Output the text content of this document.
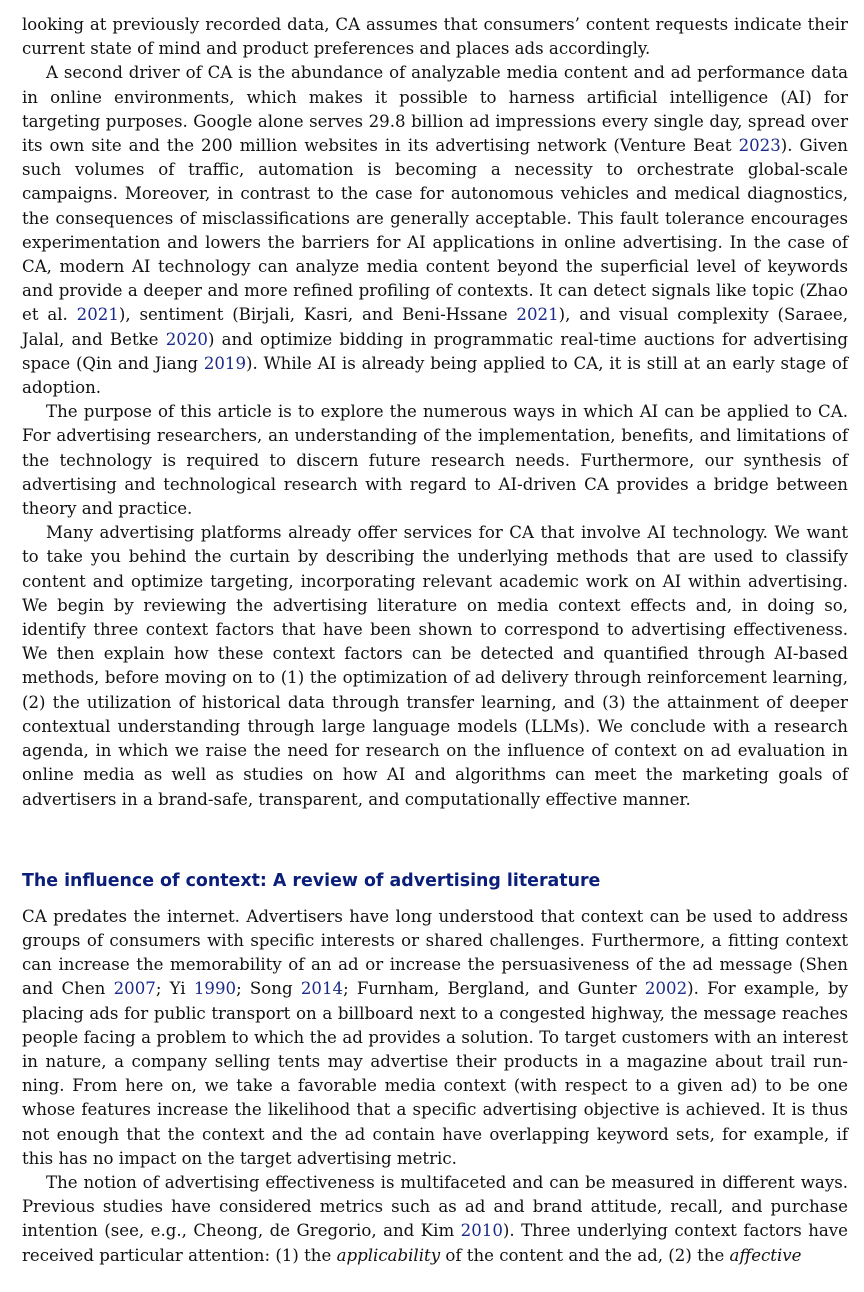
looking at previously recorded data, CA assumes that consumers’ content requests indicate their current state of mind and product preferences and places ads accordingly.

A second driver of CA is the abundance of analyzable media content and ad performance data in online environments, which makes it possible to harness artificial intelligence (AI) for targeting purposes. Google alone serves 29.8 billion ad impressions every single day, spread over its own site and the 200 million websites in its advertising network (Venture Beat 2023). Given such volumes of traffic, automation is becoming a necessity to orchestrate global-scale campaigns. Moreover, in contrast to the case for autonomous vehicles and medical diagnostics, the consequences of misclassifications are generally acceptable. This fault tolerance encourages experimentation and lowers the barriers for AI applications in online advertising. In the case of CA, modern AI technology can analyze media content beyond the superficial level of keywords and provide a deeper and more refined profiling of contexts. It can detect signals like topic (Zhao et al. 2021), sentiment (Birjali, Kasri, and Beni-Hssane 2021), and visual complexity (Saraee, Jalal, and Betke 2020) and optimize bidding in programmatic real-time auctions for advertising space (Qin and Jiang 2019). While AI is already being applied to CA, it is still at an early stage of adoption.

The purpose of this article is to explore the numerous ways in which AI can be applied to CA. For advertising researchers, an understanding of the implementation, benefits, and limitations of the technology is required to discern future research needs. Furthermore, our synthesis of advertising and technological research with regard to AI-driven CA provides a bridge between theory and practice.

Many advertising platforms already offer services for CA that involve AI technology. We want to take you behind the curtain by describing the underlying methods that are used to classify content and optimize targeting, incorporating relevant academic work on AI within advertising. We begin by reviewing the advertising literature on media context effects and, in doing so, identify three context factors that have been shown to correspond to advertising effectiveness. We then explain how these context factors can be detected and quantified through AI-based methods, before moving on to (1) the optimization of ad delivery through reinforcement learning, (2) the utilization of historical data through transfer learning, and (3) the attainment of deeper contextual understanding through large language models (LLMs). We conclude with a research agenda, in which we raise the need for research on the influence of context on ad evaluation in online media as well as studies on how AI and algorithms can meet the marketing goals of advertisers in a brand-safe, transparent, and computationally effective manner.

The influence of context: A review of advertising literature

CA predates the internet. Advertisers have long understood that context can be used to address groups of consumers with specific interests or shared challenges. Furthermore, a fitting context can increase the memorability of an ad or increase the persuasiveness of the ad message (Shen and Chen 2007; Yi 1990; Song 2014; Furnham, Bergland, and Gunter 2002). For example, by placing ads for public transport on a billboard next to a congested highway, the message reaches people facing a problem to which the ad provides a solution. To target customers with an interest in nature, a company selling tents may advertise their products in a magazine about trail running. From here on, we take a favorable media context (with respect to a given ad) to be one whose features increase the likelihood that a specific advertising objective is achieved. It is thus not enough that the context and the ad contain have overlapping keyword sets, for example, if this has no impact on the target advertising metric.

The notion of advertising effectiveness is multifaceted and can be measured in different ways. Previous studies have considered metrics such as ad and brand attitude, recall, and purchase intention (see, e.g., Cheong, de Gregorio, and Kim 2010). Three underlying context factors have received particular attention: (1) the applicability of the content and the ad, (2) the affective
